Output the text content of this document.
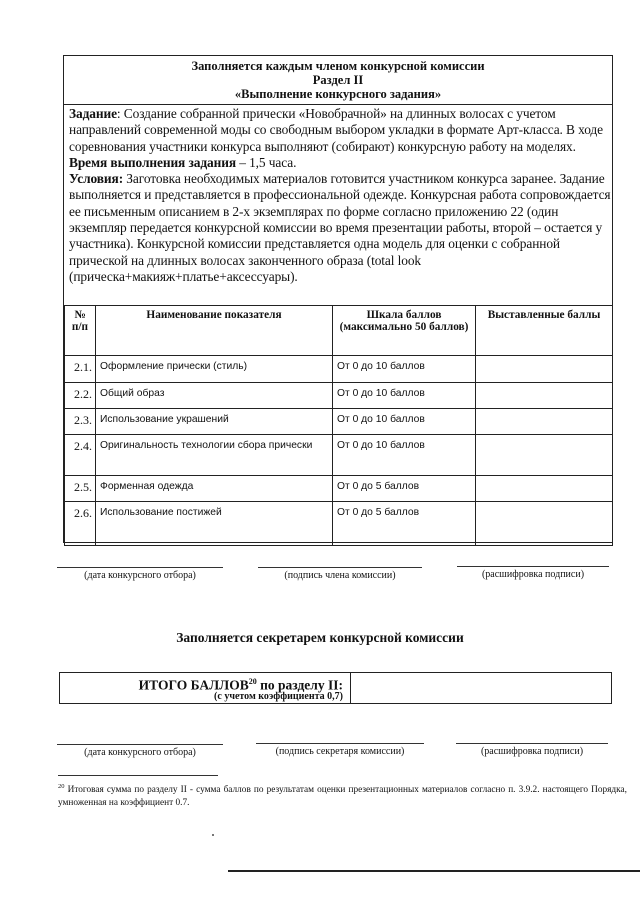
Заполняется каждым членом конкурсной комиссии
Раздел II
«Выполнение конкурсного задания»

Задание: Создание собранной прически «Новобрачной» на длинных волосах с учетом направлений современной моды со свободным выбором укладки в формате Арт-класса. В ходе соревнования участники конкурса выполняют (собирают) конкурсную работу на моделях.

Время выполнения задания – 1,5 часа.

Условия: Заготовка необходимых материалов готовится участником конкурса заранее. Задание выполняется и представляется в профессиональной одежде. Конкурсная работа сопровождается ее письменным описанием в 2-х экземплярах по форме согласно приложению 22 (один экземпляр передается конкурсной комиссии во время презентации работы, второй – остается у участника). Конкурсной комиссии представляется одна модель для оценки с собранной прической на длинных волосах законченного образа (total look (прическа+макияж+платье+аксессуары).

№ п/п	Наименование показателя	Шкала баллов (максимально 50 баллов)	Выставленные баллы
2.1.	Оформление прически (стиль)	От 0 до 10 баллов	
2.2.	Общий образ	От 0 до 10 баллов	
2.3.	Использование украшений	От 0 до 10 баллов	
2.4.	Оригинальность технологии сбора прически	От 0 до 10 баллов	
2.5.	Форменная одежда	От 0 до 5 баллов	
2.6.	Использование постижей	От 0 до 5 баллов	
(дата конкурсного отбора)	(подпись члена комиссии)	(расшифровка подписи)
Заполняется секретарем конкурсной комиссии
ИТОГО БАЛЛОВ$^{20}$ по разделу II:
(с учетом коэффициента 0,7)
(дата конкурсного отбора)	(подпись секретаря комиссии)	(расшифровка подписи)
$^{20}$ Итоговая сумма по разделу II - сумма баллов по результатам оценки презентационных материалов согласно п. 3.9.2. настоящего Порядка, умноженная на коэффициент 0.7.
